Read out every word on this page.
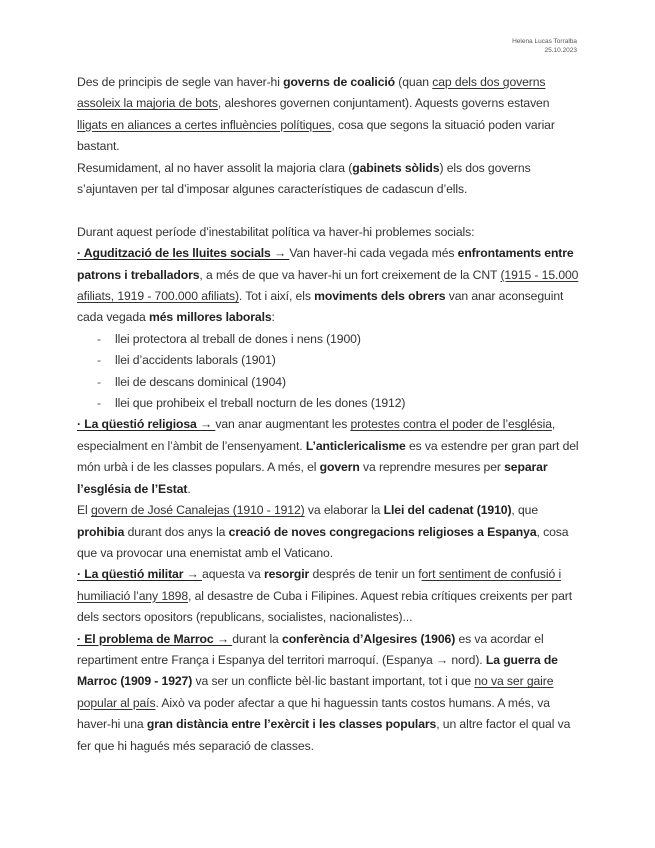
Helena Lucas Torralba
25.10.2023

Des de principis de segle van haver-hi governs de coalició (quan cap dels dos governs assoleix la majoria de bots, aleshores governen conjuntament). Aquests governs estaven lligats en aliances a certes influències polítiques, cosa que segons la situació poden variar bastant.

Resumidament, al no haver assolit la majoria clara (gabinets sòlids) els dos governs s’ajuntaven per tal d’imposar algunes característiques de cadascun d’ells.

Durant aquest període d’inestabilitat política va haver-hi problemes socials:

· Agudització de les lluites socials → Van haver-hi cada vegada més enfrontaments entre patrons i treballadors, a més de que va haver-hi un fort creixement de la CNT (1915 - 15.000 afiliats, 1919 - 700.000 afiliats). Tot i així, els moviments dels obrers van anar aconseguint cada vegada més millores laborals:

- llei protectora al treball de dones i nens (1900)
- llei d’accidents laborals (1901)
- llei de descans dominical (1904)
- llei que prohibeix el treball nocturn de les dones (1912)

· La qüestió religiosa → van anar augmentant les protestes contra el poder de l’església, especialment en l’àmbit de l’ensenyament. L’anticlericalisme es va estendre per gran part del món urbà i de les classes populars. A més, el govern va reprendre mesures per separar l’església de l’Estat.

El govern de José Canalejas (1910 - 1912) va elaborar la Llei del cadenat (1910), que prohibia durant dos anys la creació de noves congregacions religioses a Espanya, cosa que va provocar una enemistat amb el Vaticano.

· La qüestió militar → aquesta va resorgir després de tenir un fort sentiment de confusió i humiliació l’any 1898, al desastre de Cuba i Filipines. Aquest rebia crítiques creixents per part dels sectors opositors (republicans, socialistes, nacionalistes)...

· El problema de Marroc → durant la conferència d’Algesires (1906) es va acordar el repartiment entre França i Espanya del territori marroquí. (Espanya → nord). La guerra de Marroc (1909 - 1927) va ser un conflicte bèl·lic bastant important, tot i que no va ser gaire popular al país. Això va poder afectar a que hi haguessin tants costos humans. A més, va haver-hi una gran distància entre l’exèrcit i les classes populars, un altre factor el qual va fer que hi hagués més separació de classes.
